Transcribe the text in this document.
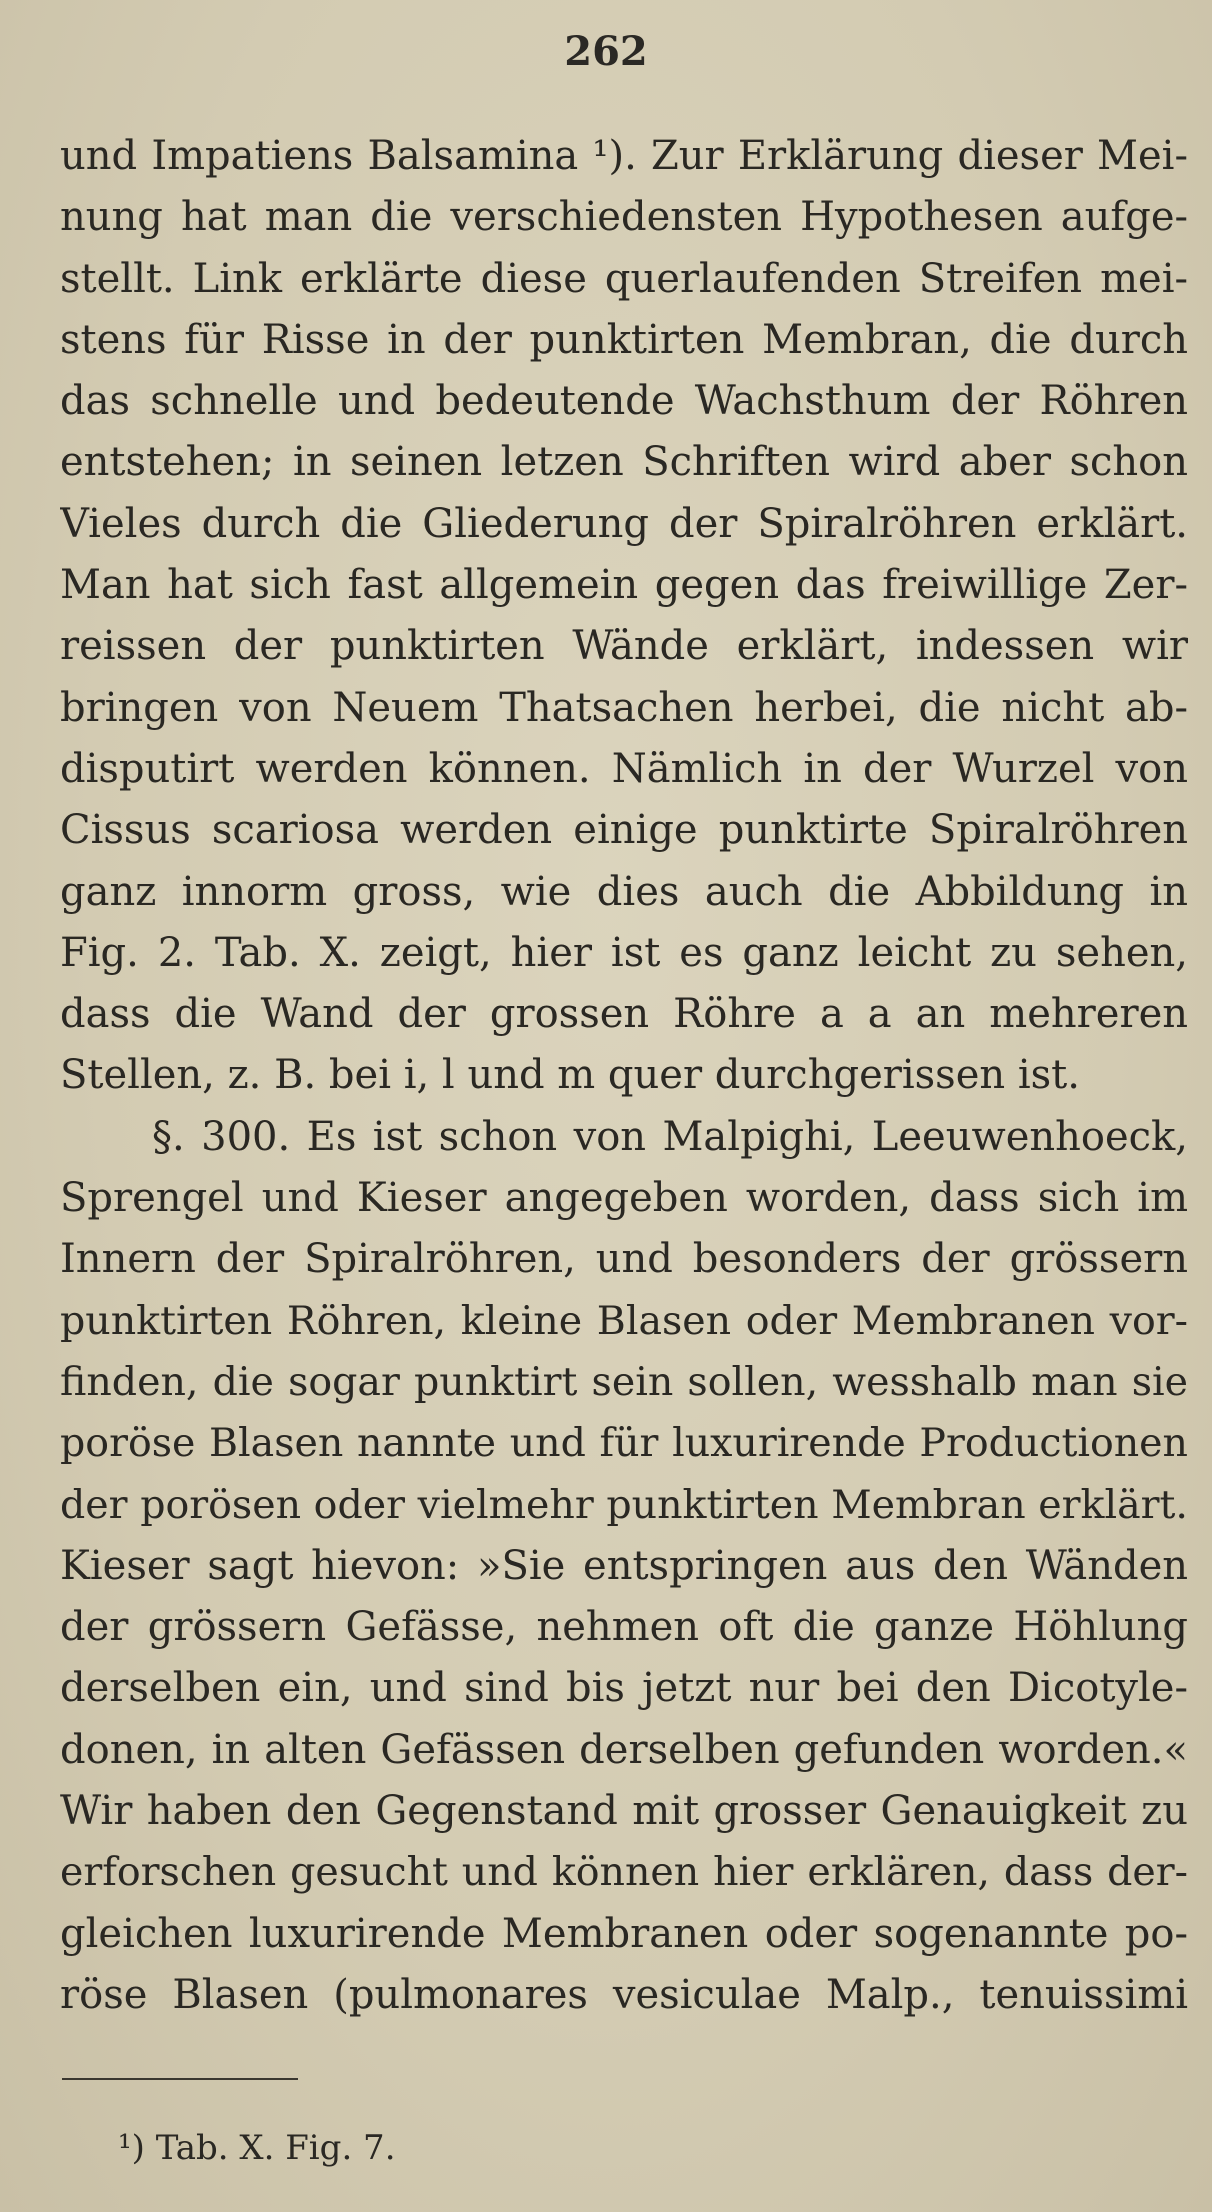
262
und Impatiens Balsamina ¹). Zur Erklärung dieser Mei-
nung hat man die verschiedensten Hypothesen aufge-
stellt. Link erklärte diese querlaufenden Streifen mei-
stens für Risse in der punktirten Membran, die durch
das schnelle und bedeutende Wachsthum der Röhren
entstehen; in seinen letzen Schriften wird aber schon
Vieles durch die Gliederung der Spiralröhren erklärt.
Man hat sich fast allgemein gegen das freiwillige Zer-
reissen der punktirten Wände erklärt, indessen wir
bringen von Neuem Thatsachen herbei, die nicht ab-
disputirt werden können. Nämlich in der Wurzel von
Cissus scariosa werden einige punktirte Spiralröhren
ganz innorm gross, wie dies auch die Abbildung in
Fig. 2. Tab. X. zeigt, hier ist es ganz leicht zu sehen,
dass die Wand der grossen Röhre a a an mehreren
Stellen, z. B. bei i, l und m quer durchgerissen ist.
§. 300. Es ist schon von Malpighi, Leeuwenhoeck,
Sprengel und Kieser angegeben worden, dass sich im
Innern der Spiralröhren, und besonders der grössern
punktirten Röhren, kleine Blasen oder Membranen vor-
finden, die sogar punktirt sein sollen, wesshalb man sie
poröse Blasen nannte und für luxurirende Productionen
der porösen oder vielmehr punktirten Membran erklärt.
Kieser sagt hievon: »Sie entspringen aus den Wänden
der grössern Gefässe, nehmen oft die ganze Höhlung
derselben ein, und sind bis jetzt nur bei den Dicotyle-
donen, in alten Gefässen derselben gefunden worden.«
Wir haben den Gegenstand mit grosser Genauigkeit zu
erforschen gesucht und können hier erklären, dass der-
gleichen luxurirende Membranen oder sogenannte po-
röse Blasen (pulmonares vesiculae Malp., tenuissimi
¹) Tab. X. Fig. 7.
